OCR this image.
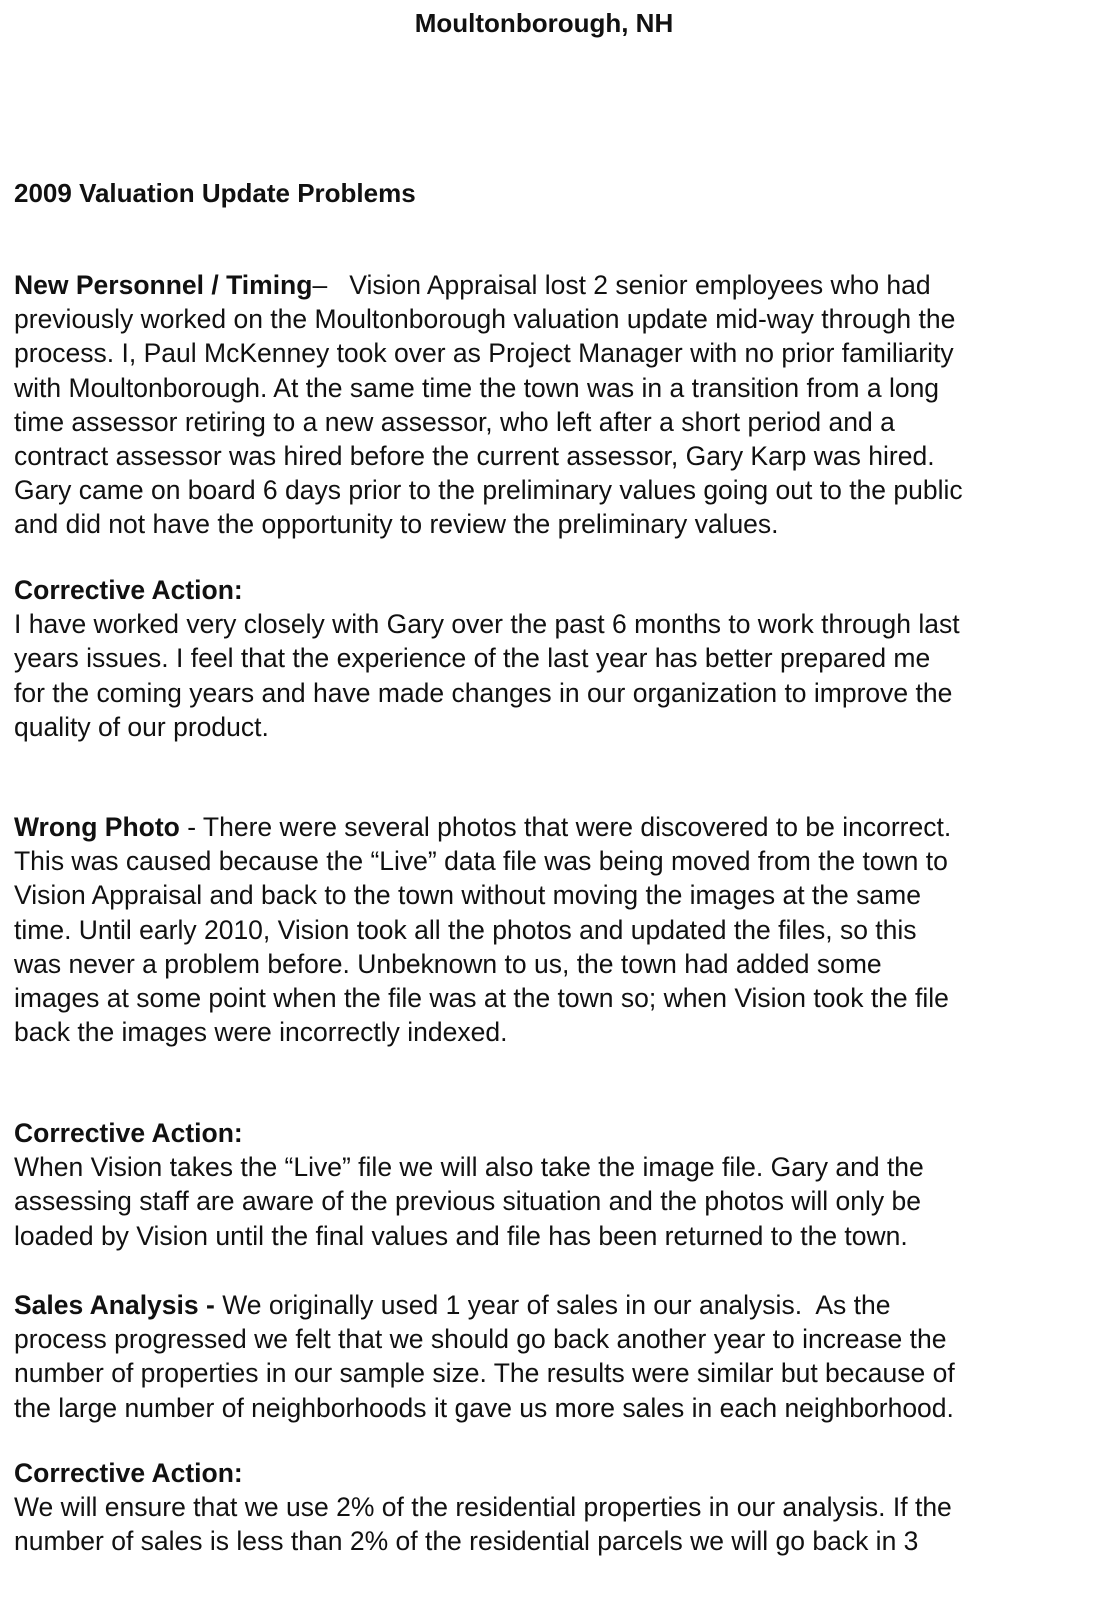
Moultonborough, NH
2009 Valuation Update Problems
New Personnel / Timing–   Vision Appraisal lost 2 senior employees who had
previously worked on the Moultonborough valuation update mid-way through the
process. I, Paul McKenney took over as Project Manager with no prior familiarity
with Moultonborough. At the same time the town was in a transition from a long
time assessor retiring to a new assessor, who left after a short period and a
contract assessor was hired before the current assessor, Gary Karp was hired.
Gary came on board 6 days prior to the preliminary values going out to the public
and did not have the opportunity to review the preliminary values.
Corrective Action:
I have worked very closely with Gary over the past 6 months to work through last
years issues. I feel that the experience of the last year has better prepared me
for the coming years and have made changes in our organization to improve the
quality of our product.
Wrong Photo - There were several photos that were discovered to be incorrect.
This was caused because the “Live” data file was being moved from the town to
Vision Appraisal and back to the town without moving the images at the same
time. Until early 2010, Vision took all the photos and updated the files, so this
was never a problem before. Unbeknown to us, the town had added some
images at some point when the file was at the town so; when Vision took the file
back the images were incorrectly indexed.
Corrective Action:
When Vision takes the “Live” file we will also take the image file. Gary and the
assessing staff are aware of the previous situation and the photos will only be
loaded by Vision until the final values and file has been returned to the town.
Sales Analysis - We originally used 1 year of sales in our analysis.  As the
process progressed we felt that we should go back another year to increase the
number of properties in our sample size. The results were similar but because of
the large number of neighborhoods it gave us more sales in each neighborhood.
Corrective Action:
We will ensure that we use 2% of the residential properties in our analysis. If the
number of sales is less than 2% of the residential parcels we will go back in 3
